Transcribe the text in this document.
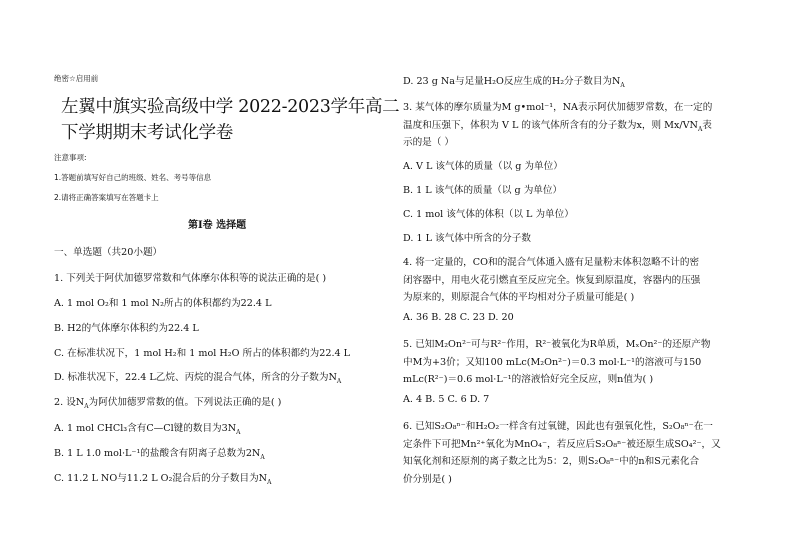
绝密☆启用前
左翼中旗实验高级中学 2022-2023学年高二
下学期期末考试化学卷
注意事项:
1.答题前填写好自己的班级、姓名、考号等信息
2.请将正确答案填写在答题卡上
第Ⅰ卷 选择题
一、单选题（共20小题）
1. 下列关于阿伏加德罗常数和气体摩尔体积等的说法正确的是( )
A. 1 mol O₂和 1 mol N₂所占的体积都约为22.4 L
B. H2的气体摩尔体积约为22.4 L
C. 在标准状况下，1 mol H₂和 1 mol H₂O 所占的体积都约为22.4 L
D. 标准状况下，22.4 L乙烷、丙烷的混合气体，所含的分子数为$N_A$
2. 设$N_A$为阿伏加德罗常数的值。下列说法正确的是( )
A. 1 mol CHCl₃含有C—Cl键的数目为$3N_A$
B. 1 L 1.0 mol·L⁻¹的盐酸含有阴离子总数为$2N_A$
C. 11.2 L NO与11.2 L O₂混合后的分子数目为$N_A$
D. 23 g Na与足量H₂O反应生成的H₂分子数目为$N_A$
3. 某气体的摩尔质量为M g•mol⁻¹，NA表示阿伏加德罗常数，在一定的
温度和压强下，体积为 V L 的该气体所含有的分子数为x，则 $Mx/VN_A$表
示的是（ ）
A. V L 该气体的质量（以 g 为单位）
B. 1 L 该气体的质量（以 g 为单位）
C. 1 mol 该气体的体积（以 L 为单位）
D. 1 L 该气体中所含的分子数
4. 将一定量的，CO和的混合气体通入盛有足量粉末体积忽略不计的密
闭容器中，用电火花引燃直至反应完全。恢复到原温度，容器内的压强
为原来的，则原混合气体的平均相对分子质量可能是( )
A. 36 B. 28 C. 23 D. 20
5. 已知M₂On²⁻可与R²⁻作用，R²⁻被氧化为R单质，MₓOn²⁻的还原产物
中M为+3价；又知100 mLc(M₂On²⁻)＝0.3 mol·L⁻¹的溶液可与150
mLc(R²⁻)＝0.6 mol·L⁻¹的溶液恰好完全反应，则n值为( )
A. 4 B. 5 C. 6 D. 7
6. 已知S₂O₈ⁿ⁻和H₂O₂一样含有过氧键，因此也有强氧化性，S₂O₈ⁿ⁻在一
定条件下可把Mn²⁺氧化为MnO₄⁻，若反应后S₂O₈ⁿ⁻被还原生成SO₄²⁻，又
知氧化剂和还原剂的离子数之比为5：2，则S₂O₈ⁿ⁻中的n和S元素化合
价分别是( )
